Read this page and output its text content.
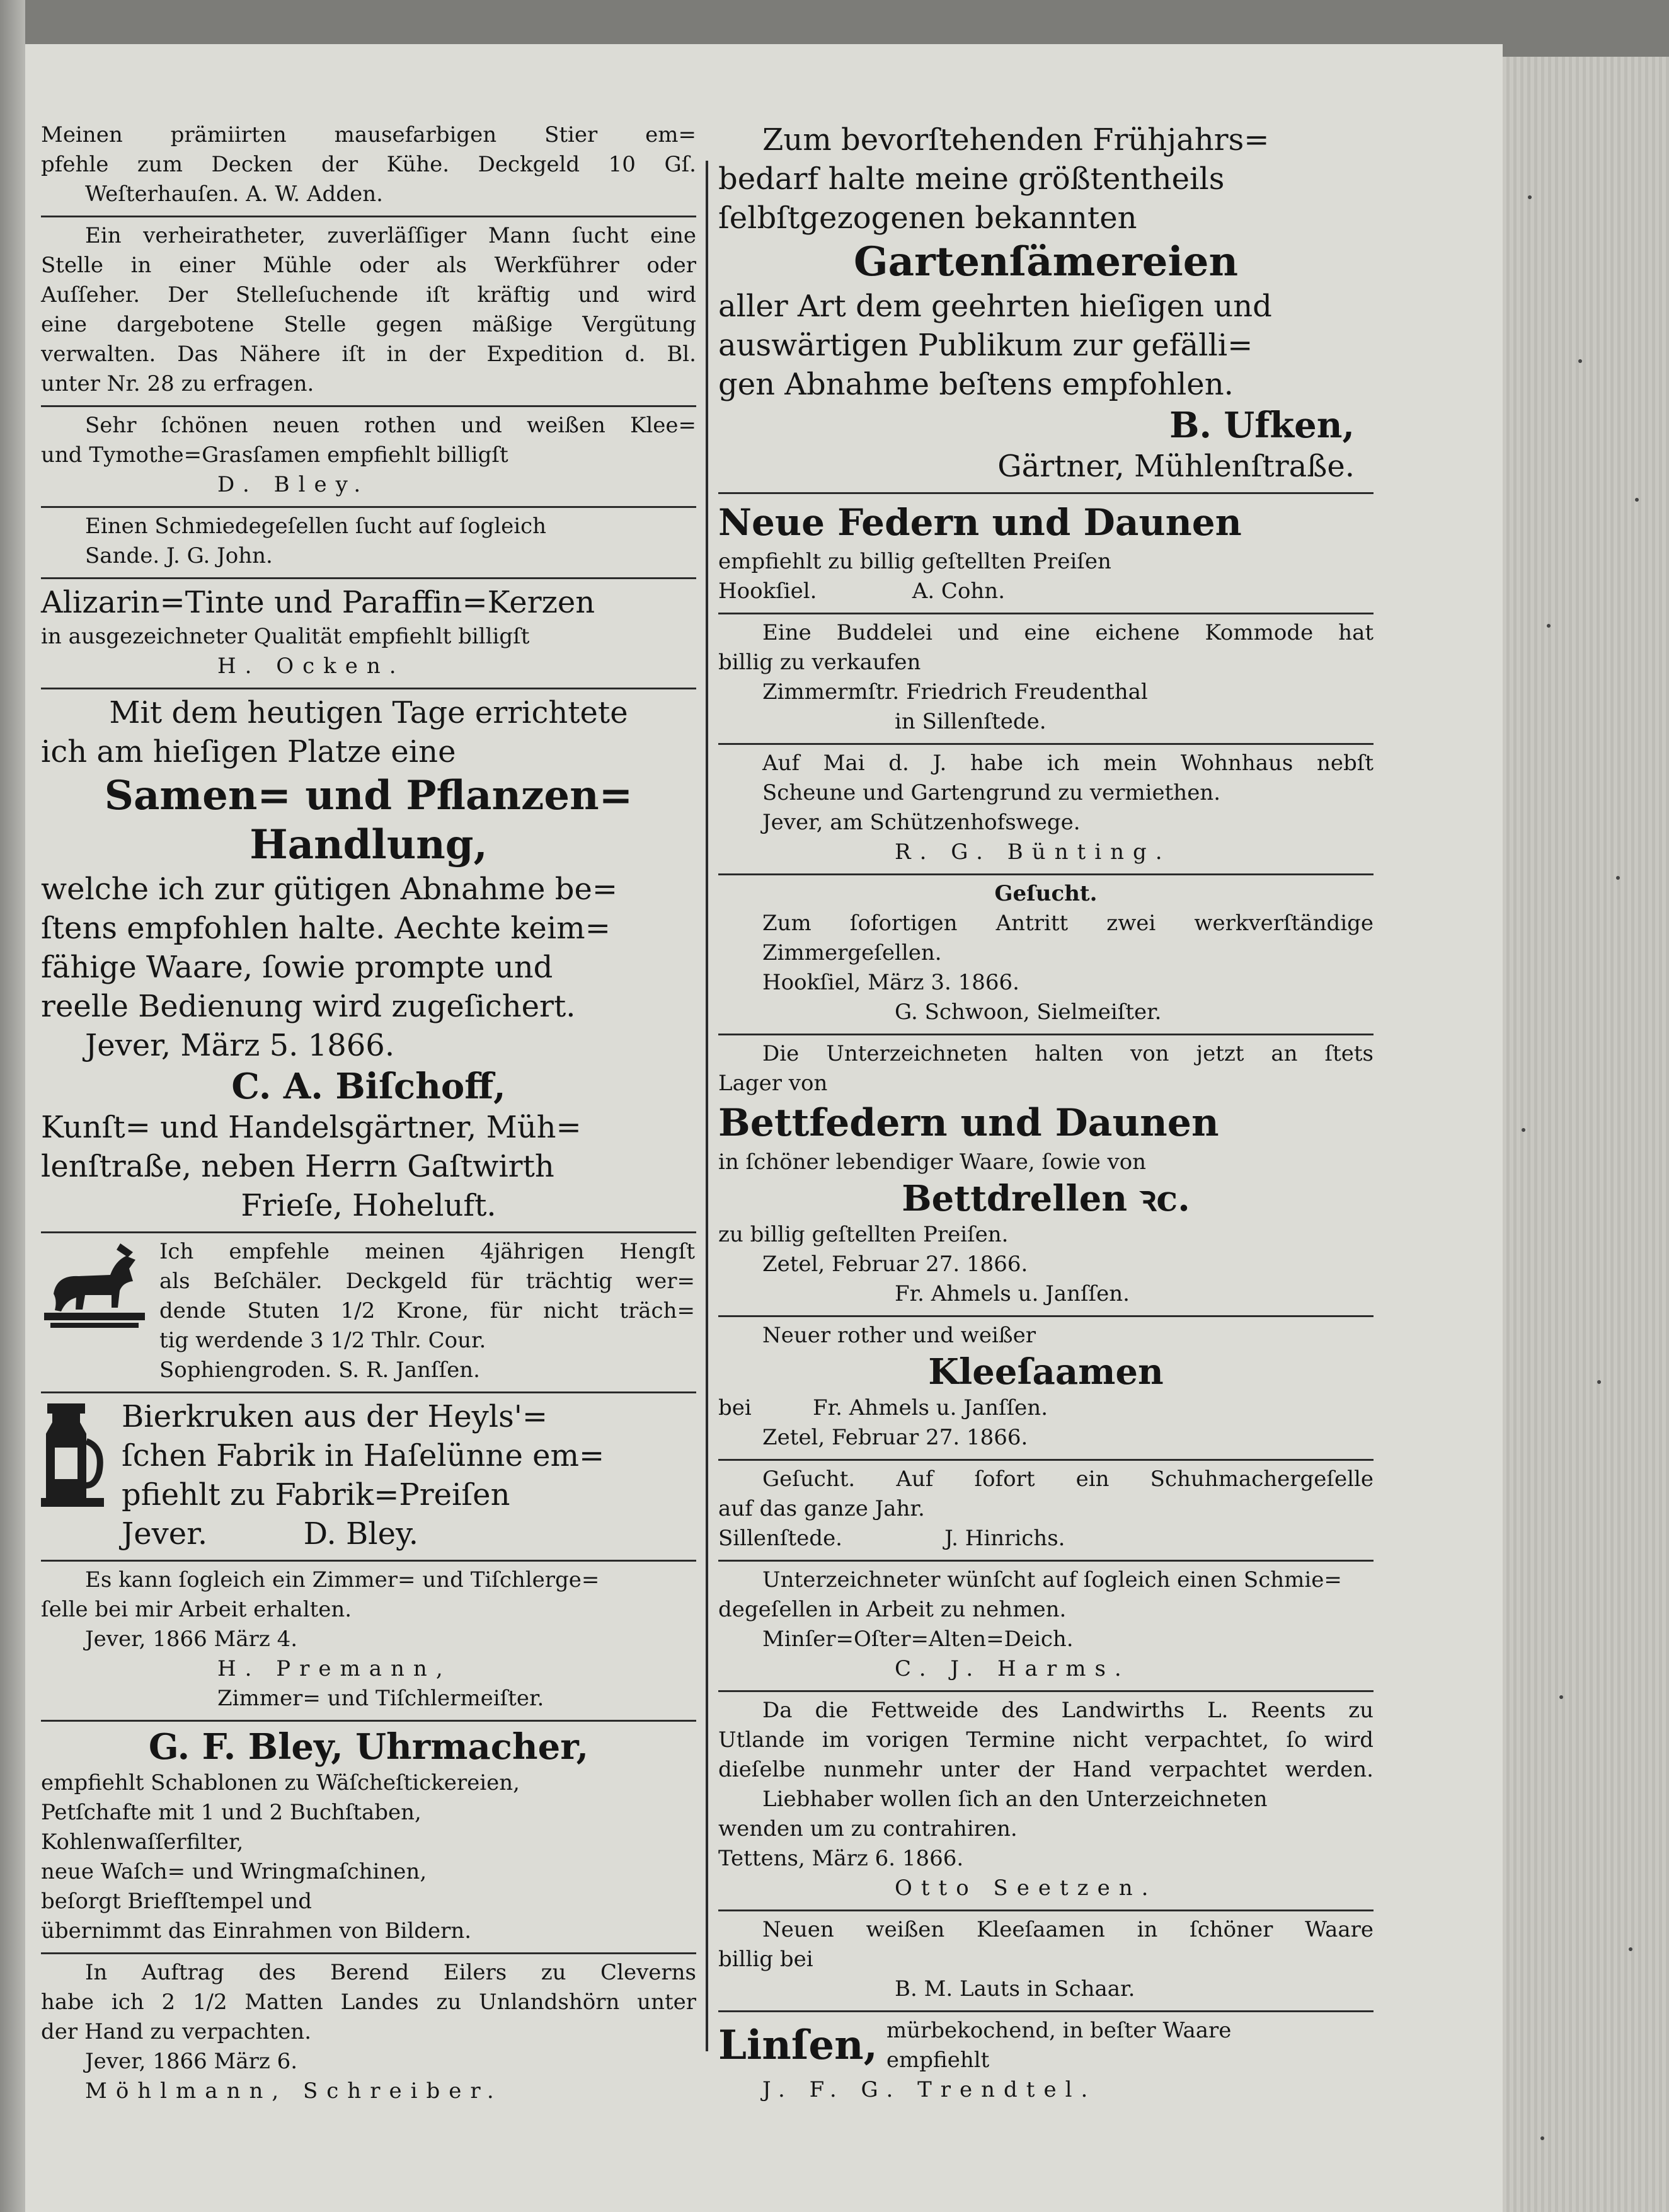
Meinen prämiirten mausefarbigen Stier em=

pfehle zum Decken der Kühe. Deckgeld 10 Gſ.

Weſterhauſen. A. W. Adden.

Ein verheiratheter, zuverläſſiger Mann ſucht eine

Stelle in einer Mühle oder als Werkführer oder

Auſſeher. Der Stelleſuchende iſt kräftig und wird

eine dargebotene Stelle gegen mäßige Vergütung

verwalten. Das Nähere iſt in der Expedition d. Bl.

unter Nr. 28 zu erfragen.

Sehr ſchönen neuen rothen und weißen Klee=

und Tymothe=Grasſamen empfiehlt billigſt

D. Bley.

Einen Schmiedegeſellen ſucht auf ſogleich

Sande. J. G. John.

Alizarin=Tinte und Paraffin=Kerzen

in ausgezeichneter Qualität empfiehlt billigſt

H. Ocken.

Mit dem heutigen Tage errichtete
ich am hieſigen Platze eine
Samen= und Pflanzen=
Handlung,
welche ich zur gütigen Abnahme be=
ſtens empfohlen halte. Aechte keim=
fähige Waare, ſowie prompte und
reelle Bedienung wird zugeſichert.
Jever, März 5. 1866.
C. A. Biſchoff,
Kunſt= und Handelsgärtner, Müh=
lenſtraße, neben Herrn Gaſtwirth
Frieſe, Hoheluft.

Ich empfehle meinen 4jährigen Hengſt

als Beſchäler. Deckgeld für trächtig wer=

dende Stuten 1/2 Krone, für nicht träch=

tig werdende 3 1/2 Thlr. Cour.

Sophiengroden. S. R. Janſſen.

Bierkruken aus der Heyls'=
ſchen Fabrik in Haſelünne em=
pfiehlt zu Fabrik=Preiſen
Jever.          D. Bley.

Es kann ſogleich ein Zimmer= und Tiſchlerge=

ſelle bei mir Arbeit erhalten.

Jever, 1866 März 4.

H. Premann,

Zimmer= und Tiſchlermeiſter.

G. F. Bley, Uhrmacher,

empfiehlt Schablonen zu Wäſcheſtickereien,

Petſchafte mit 1 und 2 Buchſtaben,

Kohlenwaſſerfilter,

neue Waſch= und Wringmaſchinen,

beſorgt Briefſtempel und

übernimmt das Einrahmen von Bildern.

In Auftrag des Berend Eilers zu Cleverns

habe ich 2 1/2 Matten Landes zu Unlandshörn unter

der Hand zu verpachten.

Jever, 1866 März 6.

Möhlmann, Schreiber.

Zum bevorſtehenden Frühjahrs=
bedarf halte meine größtentheils
ſelbſtgezogenen bekannten
Gartenſämereien
aller Art dem geehrten hieſigen und
auswärtigen Publikum zur gefälli=
gen Abnahme beſtens empfohlen.
B. Ufken,
Gärtner, Mühlenſtraße.
Neue Federn und Daunen

empfiehlt zu billig geſtellten Preiſen

Hookſiel.              A. Cohn.

Eine Buddelei und eine eichene Kommode hat

billig zu verkaufen

Zimmermſtr. Friedrich Freudenthal

in Sillenſtede.

Auf Mai d. J. habe ich mein Wohnhaus nebſt

Scheune und Gartengrund zu vermiethen.

Jever, am Schützenhofswege.

R. G. Bünting.

Geſucht.

Zum ſofortigen Antritt zwei werkverſtändige

Zimmergeſellen.

Hookſiel, März 3. 1866.

G. Schwoon, Sielmeiſter.

Die Unterzeichneten halten von jetzt an ſtets

Lager von

Bettfedern und Daunen

in ſchöner lebendiger Waare, ſowie von

Bettdrellen ꝛc.

zu billig geſtellten Preiſen.

Zetel, Februar 27. 1866.

Fr. Ahmels u. Janſſen.

Neuer rother und weißer

Kleeſaamen

bei         Fr. Ahmels u. Janſſen.

Zetel, Februar 27. 1866.

Geſucht. Auf ſofort ein Schuhmachergeſelle

auf das ganze Jahr.

Sillenſtede.               J. Hinrichs.

Unterzeichneter wünſcht auf ſogleich einen Schmie=

degeſellen in Arbeit zu nehmen.

Minſer=Oſter=Alten=Deich.

C. J. Harms.

Da die Fettweide des Landwirths L. Reents zu

Utlande im vorigen Termine nicht verpachtet, ſo wird

dieſelbe nunmehr unter der Hand verpachtet werden.

Liebhaber wollen ſich an den Unterzeichneten

wenden um zu contrahiren.

Tettens, März 6. 1866.

Otto Seetzen.

Neuen weißen Kleeſaamen in ſchöner Waare

billig bei

B. M. Lauts in Schaar.

Linſen, mürbekochend, in beſter Waare

empfiehlt

J. F. G. Trendtel.
